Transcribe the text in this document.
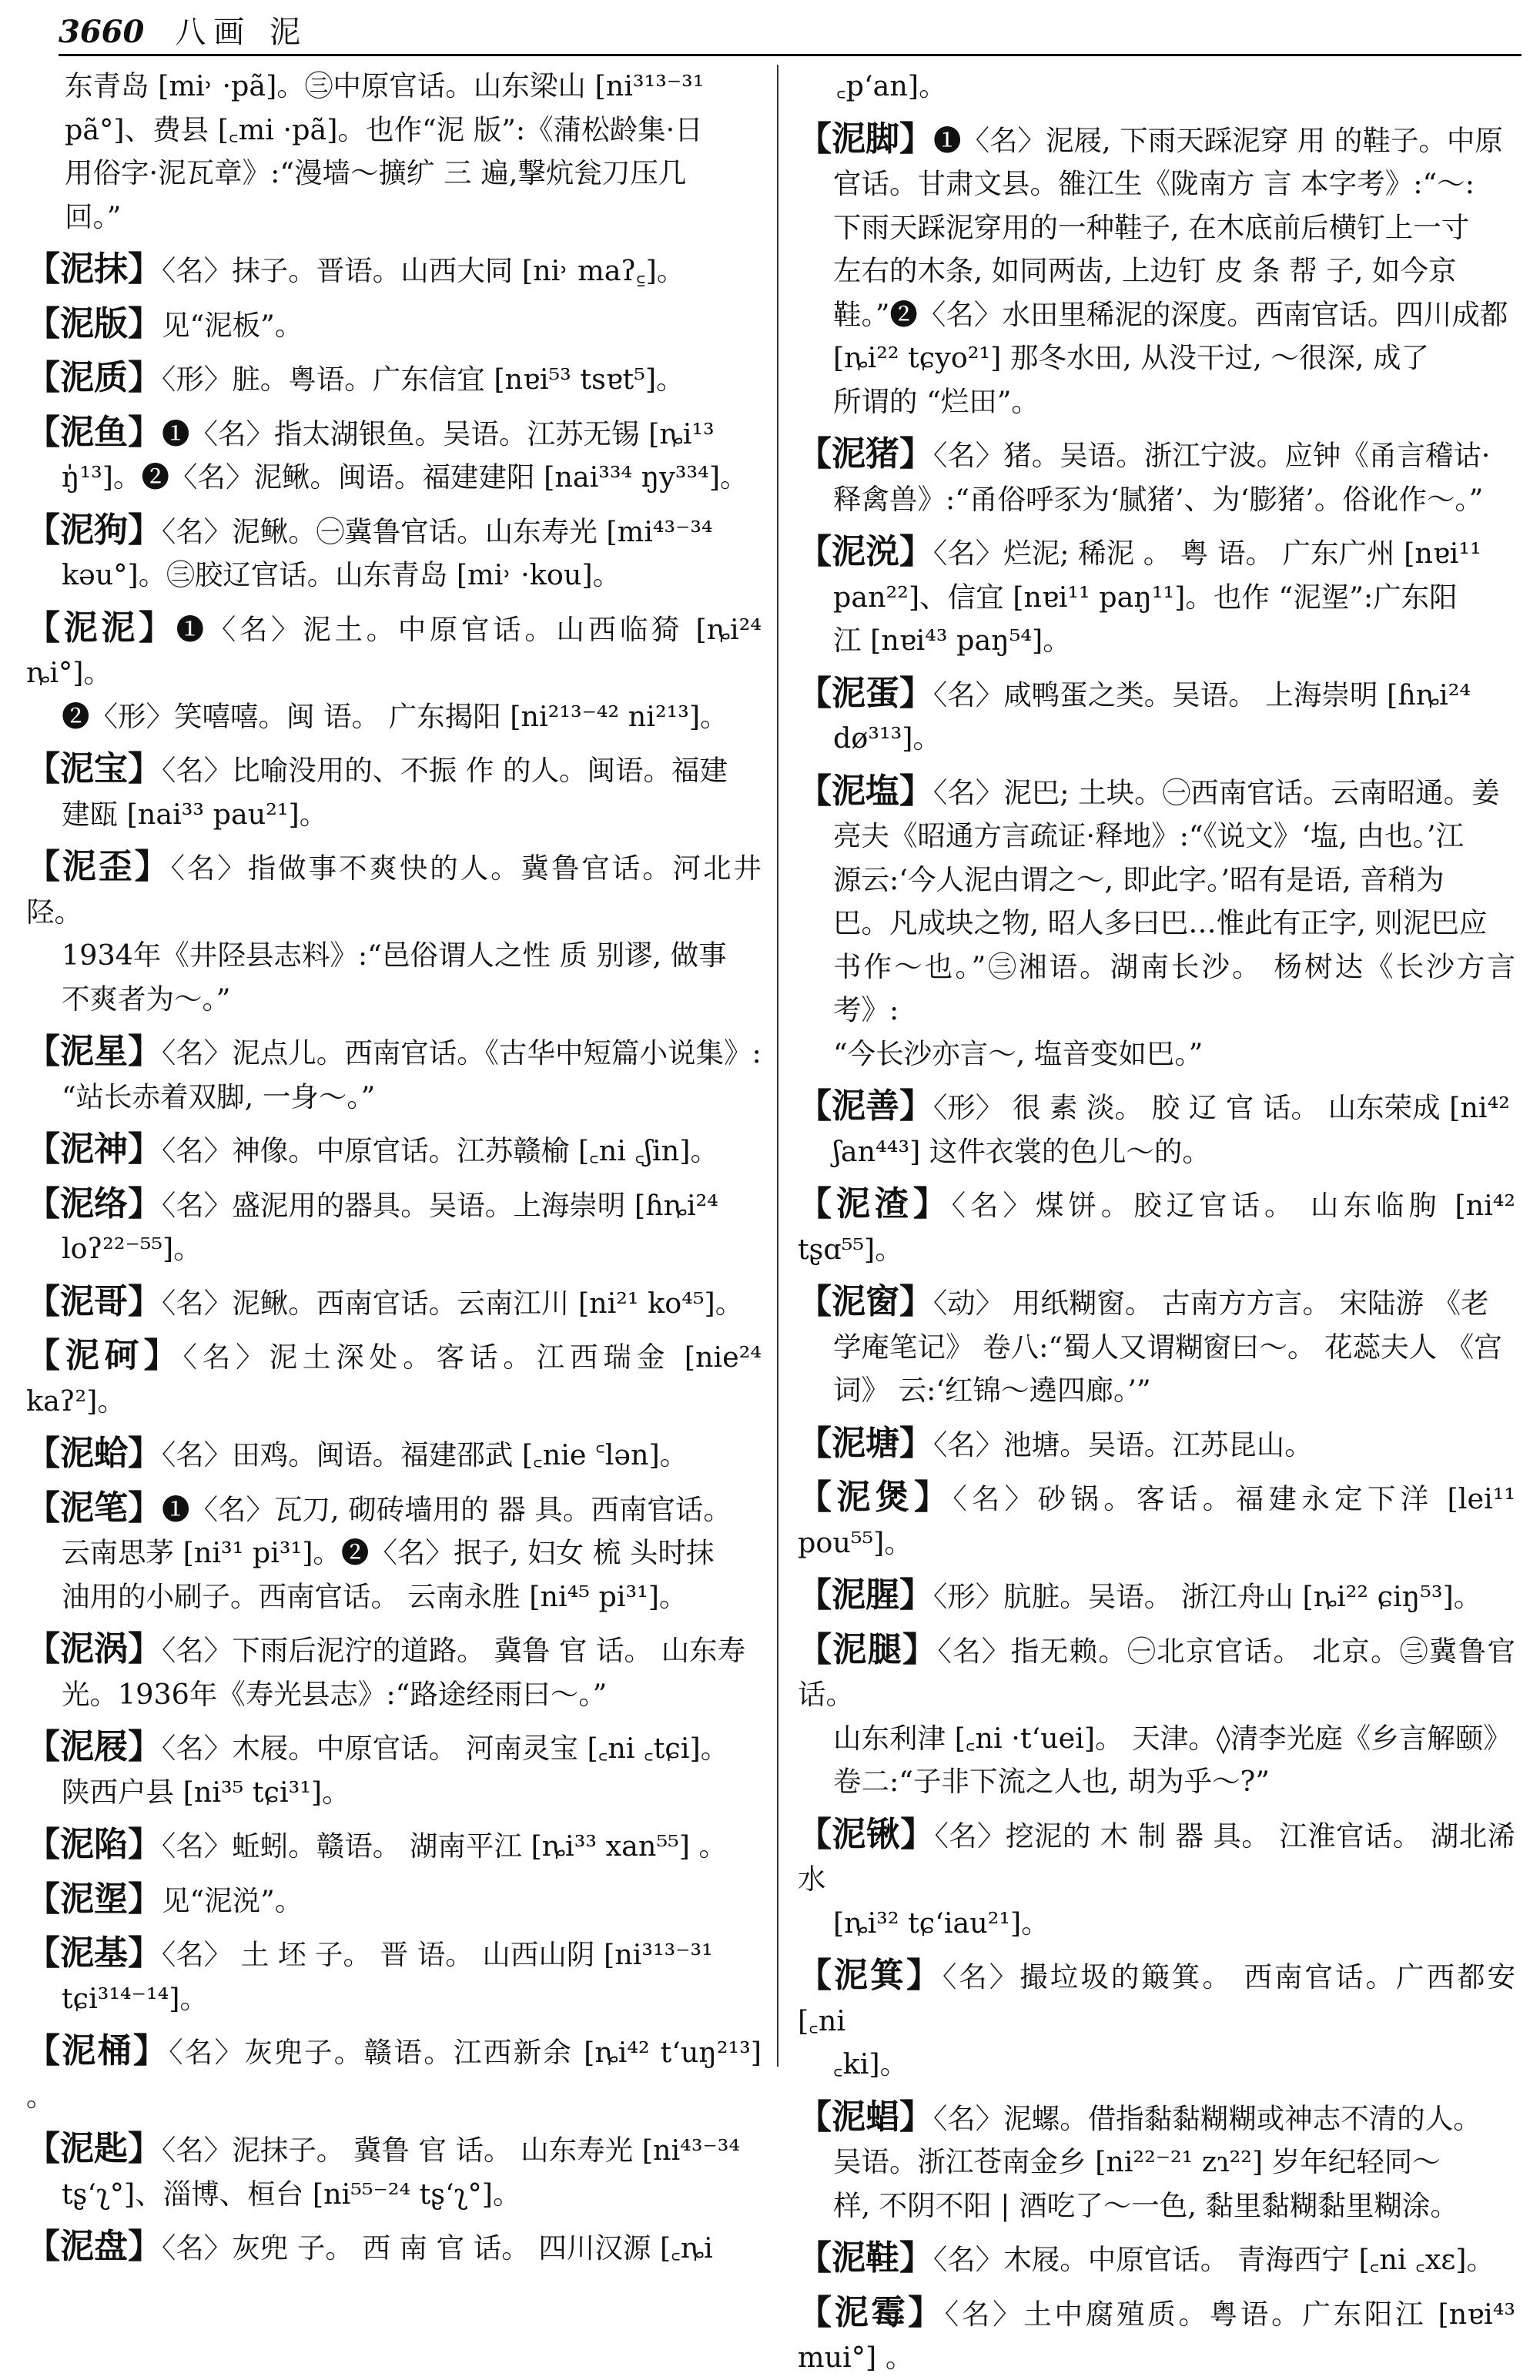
3660 八画 泥
东青岛 [mi˒ ·pã]。㊂中原官话。山东梁山 [ni³¹³⁻³¹
pã°]、费县 [꜀mi ·pã]。也作“泥 版”:《蒲松龄集·日
用俗字·泥瓦章》:“漫墙～擴纩 三 遍,撃炕瓮刀压几
回。”
【泥抹】〈名〉抹子。晋语。山西大同 [ni˒ maʔ꜁]。
【泥版】见“泥板”。
【泥质】〈形〉脏。粤语。广东信宜 [nɐi⁵³ tsɐt⁵]。
【泥鱼】❶〈名〉指太湖银鱼。吴语。江苏无锡 [ȵi¹³
ŋ̍¹³]。❷〈名〉泥鳅。闽语。福建建阳 [nai³³⁴ ŋy³³⁴]。
【泥狗】〈名〉泥鳅。㊀冀鲁官话。山东寿光 [mi⁴³⁻³⁴
kəu°]。㊂胶辽官话。山东青岛 [mi˒ ·kou]。
【泥泥】❶〈名〉泥土。中原官话。山西临猗 [ȵi²⁴ ȵi°]。
❷〈形〉笑嘻嘻。闽 语。 广东揭阳 [ni²¹³⁻⁴² ni²¹³]。
【泥宝】〈名〉比喻没用的、不振 作 的人。闽语。福建
建瓯 [nai³³ pau²¹]。
【泥歪】〈名〉指做事不爽快的人。冀鲁官话。河北井陉。
1934年《井陉县志料》:“邑俗谓人之性 质 别谬, 做事
不爽者为～。”
【泥星】〈名〉泥点儿。西南官话。《古华中短篇小说集》:
“站长赤着双脚, 一身～。”
【泥神】〈名〉神像。中原官话。江苏赣榆 [꜀ni ꜀ʃin]。
【泥络】〈名〉盛泥用的器具。吴语。上海崇明 [ɦȵi²⁴
loʔ²²⁻⁵⁵]。
【泥哥】〈名〉泥鳅。西南官话。云南江川 [ni²¹ ko⁴⁵]。
【泥砢】〈名〉泥土深处。客话。江西瑞金 [nie²⁴ kaʔ²]。
【泥蛤】〈名〉田鸡。闽语。福建邵武 [꜀nie ꜂lən]。
【泥笔】❶〈名〉瓦刀, 砌砖墙用的 器 具。西南官话。
云南思茅 [ni³¹ pi³¹]。❷〈名〉抿子, 妇女 梳 头时抹
油用的小刷子。西南官话。 云南永胜 [ni⁴⁵ pi³¹]。
【泥涡】〈名〉下雨后泥泞的道路。 冀鲁 官 话。 山东寿
光。1936年《寿光县志》:“路途经雨曰～。”
【泥屐】〈名〉木屐。中原官话。 河南灵宝 [꜀ni ꜀tɕi]。
陕西户县 [ni³⁵ tɕi³¹]。
【泥陷】〈名〉蚯蚓。赣语。 湖南平江 [ȵi³³ xan⁵⁵] 。
【泥埿】见“泥涚”。
【泥基】〈名〉 土 坯 子。 晋 语。 山西山阴 [ni³¹³⁻³¹
tɕi³¹⁴⁻¹⁴]。
【泥桶】〈名〉灰兜子。赣语。江西新余 [ȵi⁴² tʻuŋ²¹³] 。
【泥匙】〈名〉泥抹子。 冀鲁 官 话。 山东寿光 [ni⁴³⁻³⁴
tʂʻʅ°]、淄博、桓台 [ni⁵⁵⁻²⁴ tʂʻʅ°]。
【泥盘】〈名〉灰兜 子。 西 南 官 话。 四川汉源 [꜀ȵi
꜀pʻan]。
【泥脚】❶〈名〉泥屐, 下雨天踩泥穿 用 的鞋子。中原
官话。甘肃文县。雒江生《陇南方 言 本字考》:“～:
下雨天踩泥穿用的一种鞋子, 在木底前后横钉上一寸
左右的木条, 如同两齿, 上边钉 皮 条 帮 子, 如今京
鞋。”❷〈名〉水田里稀泥的深度。西南官话。四川成都
[ȵi²² tɕyo²¹] 那冬水田, 从没干过, ～很深, 成了
所谓的 “烂田”。
【泥猪】〈名〉猪。吴语。浙江宁波。应钟《甬言稽诂·
释禽兽》:“甬俗呼豕为‘腻猪’、为‘膨猪’。俗讹作～。”
【泥涚】〈名〉烂泥; 稀泥 。 粤 语。 广东广州 [nɐi¹¹
pan²²]、信宜 [nɐi¹¹ paŋ¹¹]。也作 “泥埿”:广东阳
江 [nɐi⁴³ paŋ⁵⁴]。
【泥蛋】〈名〉咸鸭蛋之类。吴语。 上海崇明 [ɦȵi²⁴
dø³¹³]。
【泥塩】〈名〉泥巴; 土块。㊀西南官话。云南昭通。姜
亮夫《昭通方言疏证·释地》:“《说文》‘塩, 甴也。’江
源云:‘今人泥甴谓之～, 即此字。’昭有是语, 音稍为
巴。凡成块之物, 昭人多曰巴…惟此有正字, 则泥巴应
书作～也。”㊂湘语。湖南长沙。 杨树达《长沙方言考》:
“今长沙亦言～, 塩音变如巴。”
【泥善】〈形〉 很 素 淡。 胶 辽 官 话。 山东荣成 [ni⁴²
ʃan⁴⁴³] 这件衣裳的色儿～的。
【泥渣】〈名〉煤饼。胶辽官话。 山东临朐 [ni⁴² tʂɑ⁵⁵]。
【泥窗】〈动〉 用纸糊窗。 古南方方言。 宋陆游 《老
学庵笔记》 卷八:“蜀人又谓糊窗曰～。 花蕊夫人 《宫
词》 云:‘红锦～遶四廊。’”
【泥塘】〈名〉池塘。吴语。江苏昆山。
【泥煲】〈名〉砂锅。客话。福建永定下洋 [lei¹¹ pou⁵⁵]。
【泥腥】〈形〉肮脏。吴语。 浙江舟山 [ȵi²² ɕiŋ⁵³]。
【泥腿】〈名〉指无赖。㊀北京官话。 北京。㊂冀鲁官话。
山东利津 [꜀ni ·tʻuei]。 天津。◊清李光庭《乡言解颐》
卷二:“子非下流之人也, 胡为乎～?”
【泥锹】〈名〉挖泥的 木 制 器 具。 江淮官话。 湖北浠水
[ȵi³² tɕʻiau²¹]。
【泥箕】〈名〉撮垃圾的簸箕。 西南官话。广西都安 [꜀ni
꜀ki]。
【泥䗉】〈名〉泥螺。借指黏黏糊糊或神志不清的人。
吴语。浙江苍南金乡 [ni²²⁻²¹ zɿ²²] 岁年纪轻同～
样, 不阴不阳 | 酒吃了～一色, 黏里黏糊黏里糊涂。
【泥鞋】〈名〉木屐。中原官话。 青海西宁 [꜀ni ꜀xɛ]。
【泥霉】〈名〉土中腐殖质。粤语。广东阳江 [nɐi⁴³ mui°] 。
